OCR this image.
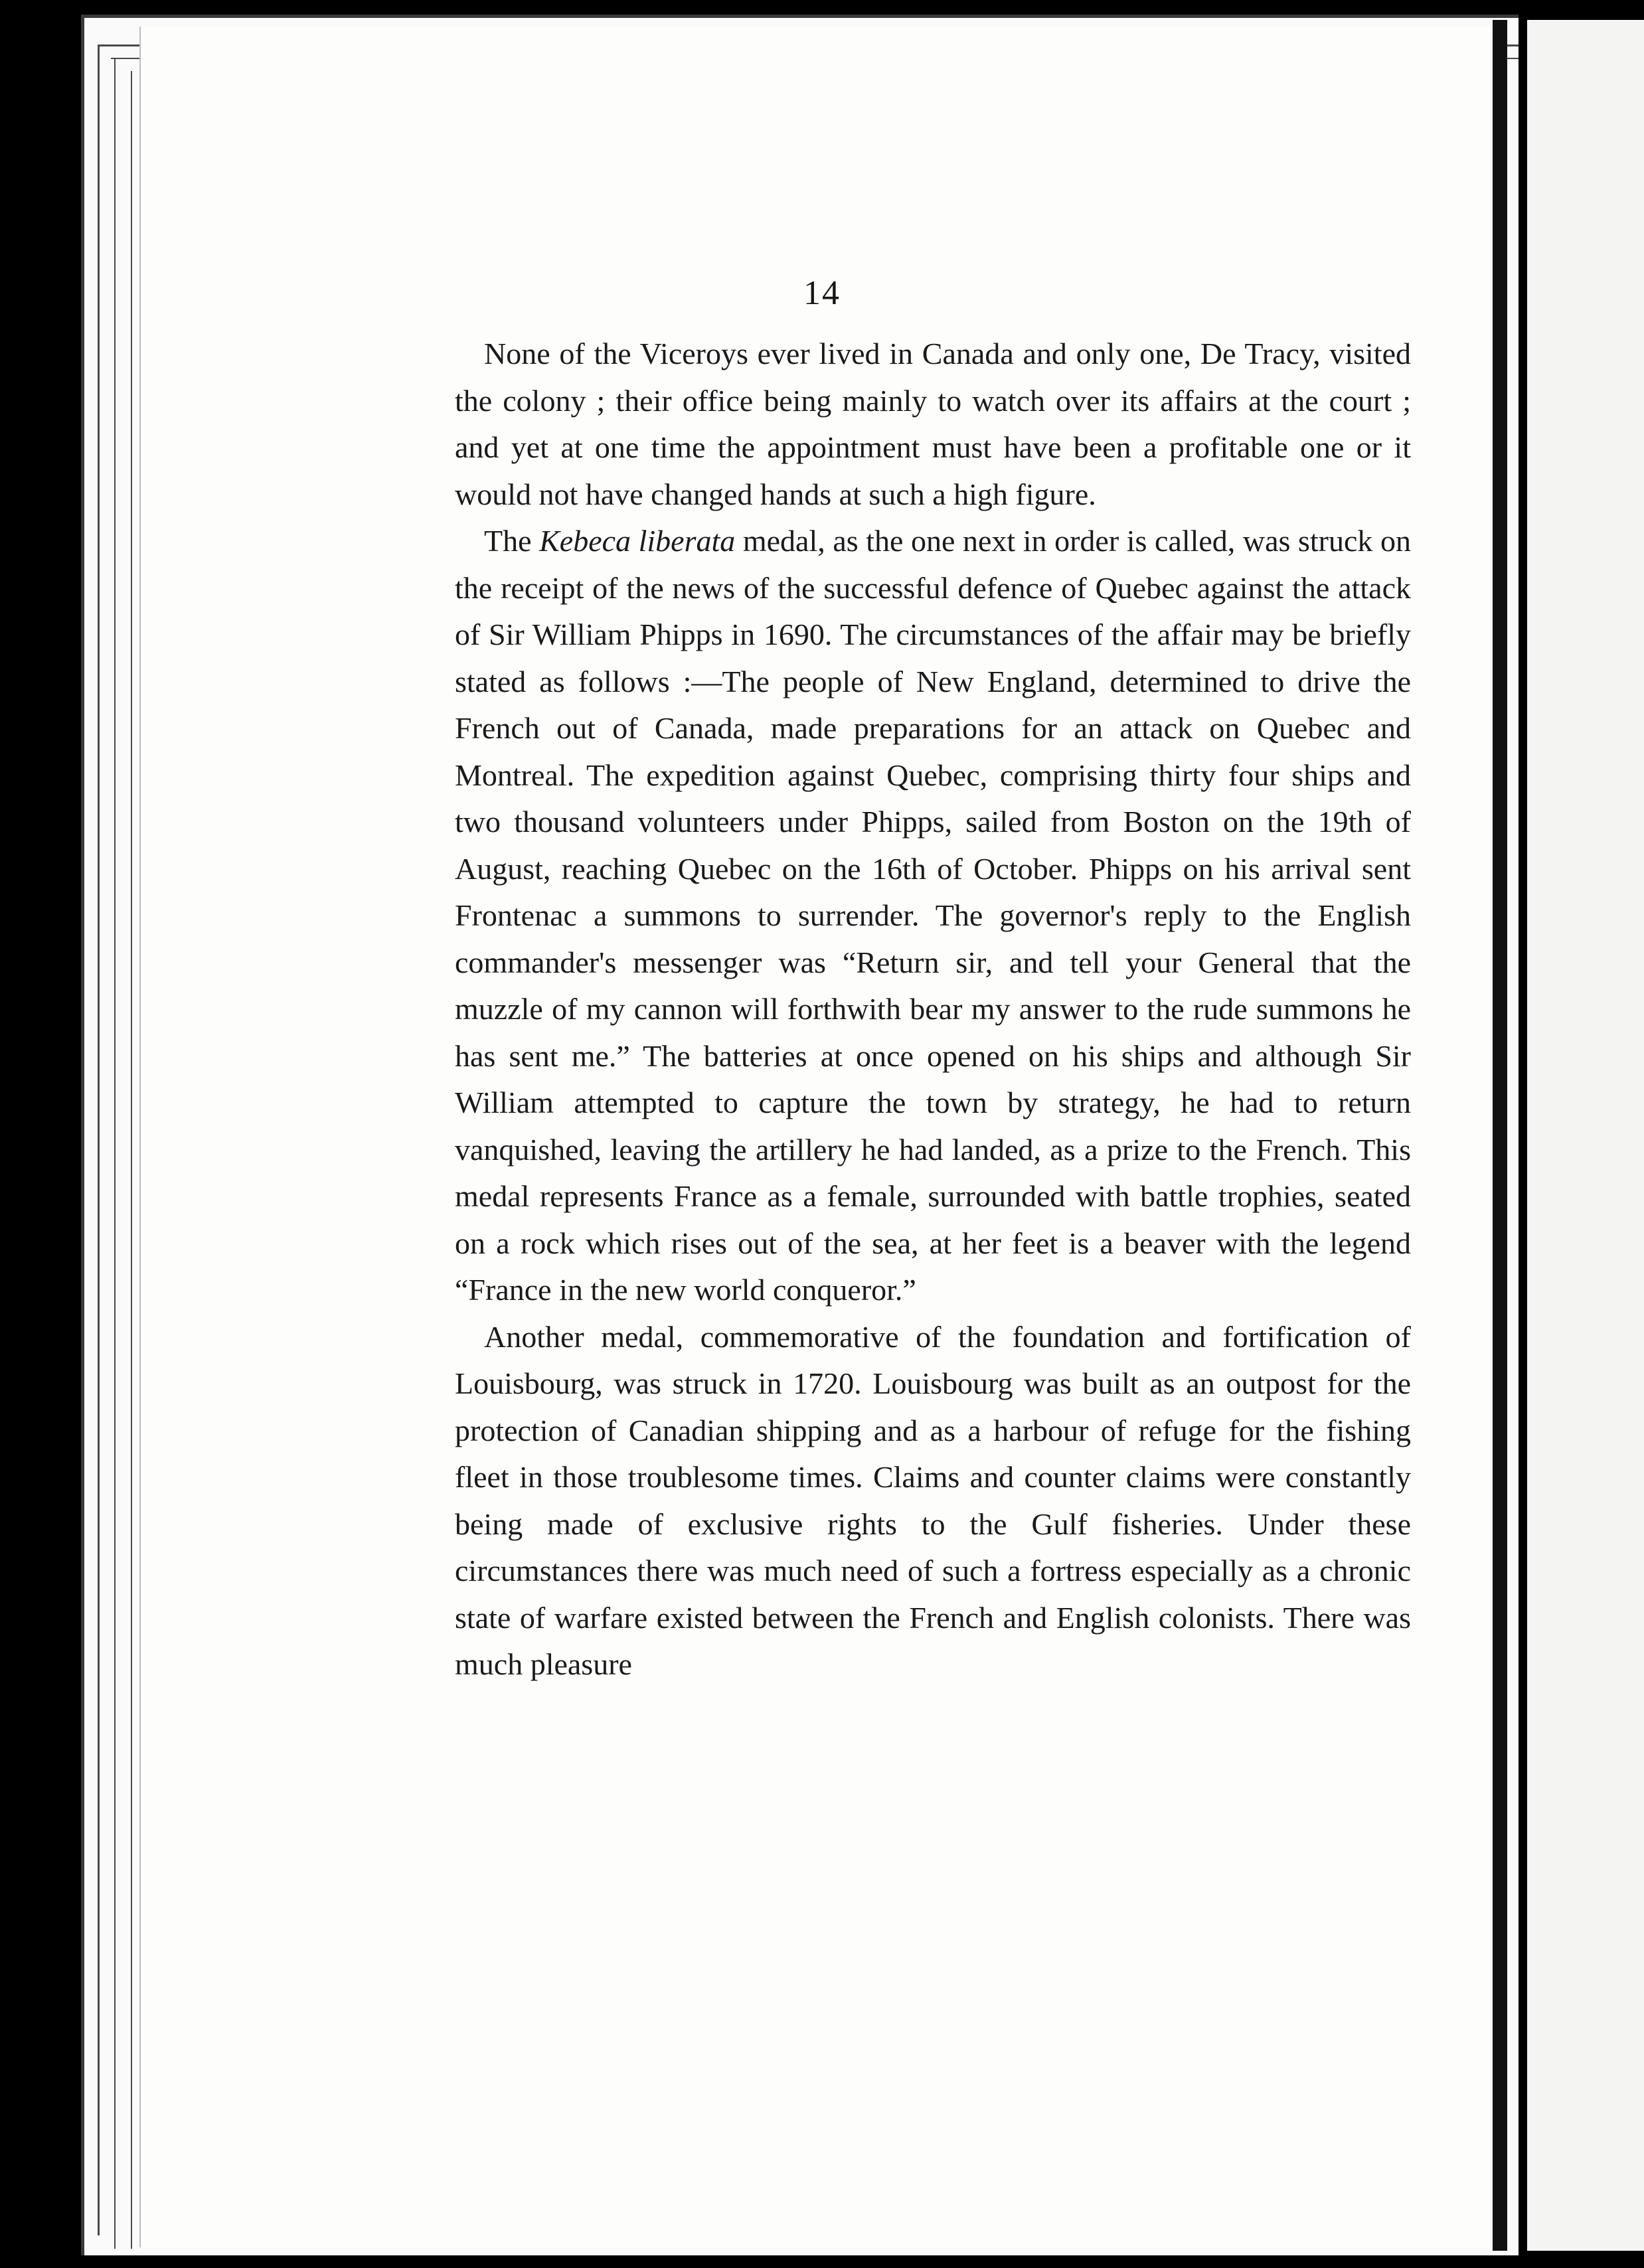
14

None of the Viceroys ever lived in Canada and only one, De Tracy, visited the colony ; their office being mainly to watch over its affairs at the court ; and yet at one time the appointment must have been a profitable one or it would not have changed hands at such a high figure.

The Kebeca liberata medal, as the one next in order is called, was struck on the receipt of the news of the successful defence of Quebec against the attack of Sir William Phipps in 1690. The circumstances of the affair may be briefly stated as follows :—The people of New England, determined to drive the French out of Canada, made preparations for an attack on Quebec and Montreal. The expedition against Quebec, comprising thirty four ships and two thousand volunteers under Phipps, sailed from Boston on the 19th of August, reaching Quebec on the 16th of October. Phipps on his arrival sent Frontenac a summons to surrender. The governor's reply to the English commander's messenger was “Return sir, and tell your General that the muzzle of my cannon will forthwith bear my answer to the rude summons he has sent me.” The batteries at once opened on his ships and although Sir William attempted to capture the town by strategy, he had to return vanquished, leaving the artillery he had landed, as a prize to the French. This medal represents France as a female, surrounded with battle trophies, seated on a rock which rises out of the sea, at her feet is a beaver with the legend “France in the new world conqueror.”

Another medal, commemorative of the foundation and fortification of Louisbourg, was struck in 1720. Louisbourg was built as an outpost for the protection of Canadian shipping and as a harbour of refuge for the fishing fleet in those troublesome times. Claims and counter claims were constantly being made of exclusive rights to the Gulf fisheries. Under these circumstances there was much need of such a fortress especially as a chronic state of warfare existed between the French and English colonists. There was much pleasure
